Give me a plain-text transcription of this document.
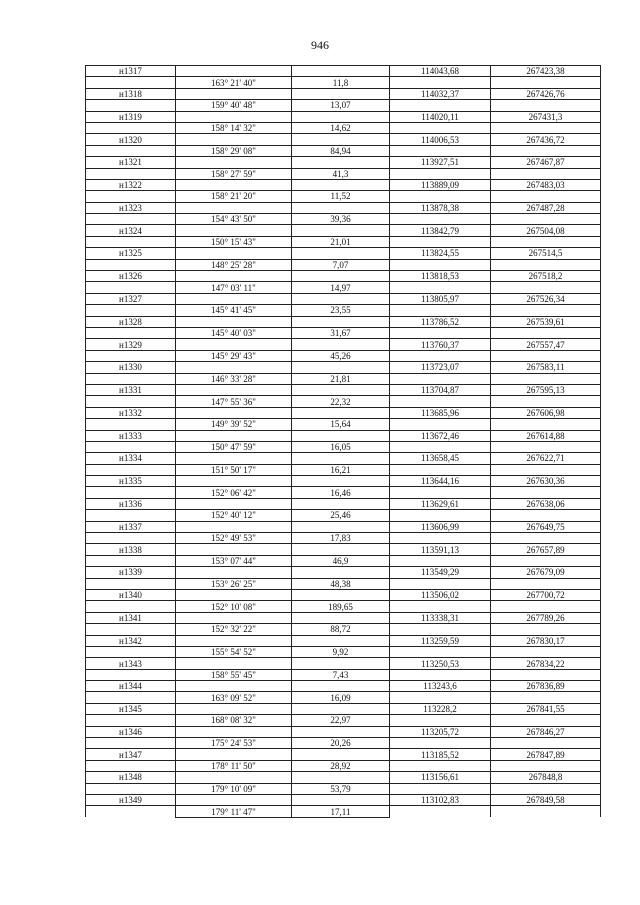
946
н1317			114043,68	267423,38
	163° 21' 40"	11,8		
н1318			114032,37	267426,76
	159° 40' 48"	13,07		
н1319			114020,11	267431,3
	158° 14' 32"	14,62		
н1320			114006,53	267436,72
	158° 29' 08"	84,94		
н1321			113927,51	267467,87
	158° 27' 59"	41,3		
н1322			113889,09	267483,03
	158° 21' 20"	11,52		
н1323			113878,38	267487,28
	154° 43' 50"	39,36		
н1324			113842,79	267504,08
	150° 15' 43"	21,01		
н1325			113824,55	267514,5
	148° 25' 28"	7,07		
н1326			113818,53	267518,2
	147° 03' 11"	14,97		
н1327			113805,97	267526,34
	145° 41' 45"	23,55		
н1328			113786,52	267539,61
	145° 40' 03"	31,67		
н1329			113760,37	267557,47
	145° 29' 43"	45,26		
н1330			113723,07	267583,11
	146° 33' 28"	21,81		
н1331			113704,87	267595,13
	147° 55' 36"	22,32		
н1332			113685,96	267606,98
	149° 39' 52"	15,64		
н1333			113672,46	267614,88
	150° 47' 59"	16,05		
н1334			113658,45	267622,71
	151° 50' 17"	16,21		
н1335			113644,16	267630,36
	152° 06' 42"	16,46		
н1336			113629,61	267638,06
	152° 40' 12"	25,46		
н1337			113606,99	267649,75
	152° 49' 53"	17,83		
н1338			113591,13	267657,89
	153° 07' 44"	46,9		
н1339			113549,29	267679,09
	153° 26' 25"	48,38		
н1340			113506,02	267700,72
	152° 10' 08"	189,65		
н1341			113338,31	267789,26
	152° 32' 22"	88,72		
н1342			113259,59	267830,17
	155° 54' 52"	9,92		
н1343			113250,53	267834,22
	158° 55' 45"	7,43		
н1344			113243,6	267836,89
	163° 09' 52"	16,09		
н1345			113228,2	267841,55
	168° 08' 32"	22,97		
н1346			113205,72	267846,27
	175° 24' 53"	20,26		
н1347			113185,52	267847,89
	178° 11' 50"	28,92		
н1348			113156,61	267848,8
	179° 10' 09"	53,79		
н1349			113102,83	267849,58
	179° 11' 47"	17,11		
